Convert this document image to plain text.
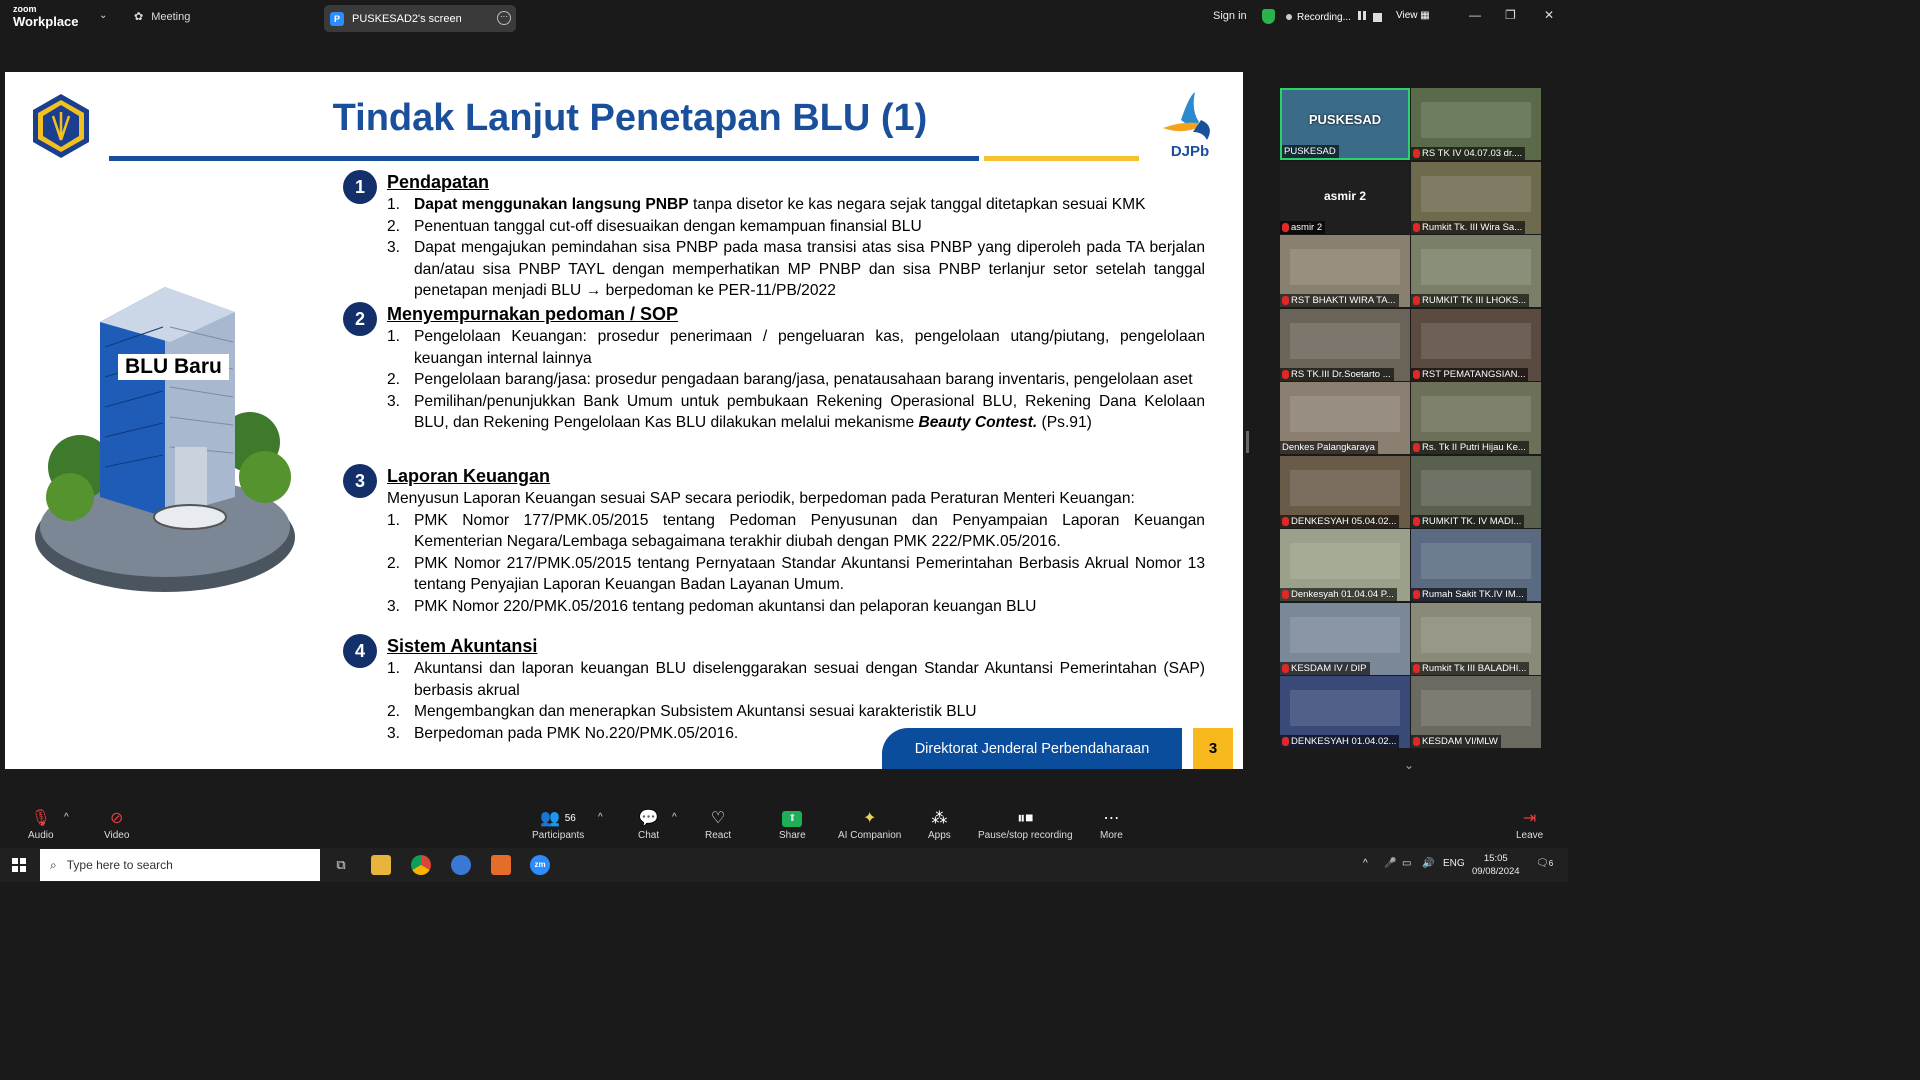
zoom
Workplace ⌄ ✿ Meeting	P	PUSKESAD2's screen	···	Sign in	Recording...	View ▦	— ❐ ✕
Tindak Lanjut Penetapan BLU (1)
DJPb
BLU Baru
1	Pendapatan
1. Dapat menggunakan langsung PNBP tanpa disetor ke kas negara sejak tanggal ditetapkan sesuai KMK
2. Penentuan tanggal cut-off disesuaikan dengan kemampuan finansial BLU
3. Dapat mengajukan pemindahan sisa PNBP pada masa transisi atas sisa PNBP yang diperoleh pada TA berjalan dan/atau sisa PNBP TAYL dengan memperhatikan MP PNBP dan sisa PNBP terlanjur setor setelah tanggal penetapan menjadi BLU → berpedoman ke PER-11/PB/2022
2	Menyempurnakan pedoman / SOP
1. Pengelolaan Keuangan: prosedur penerimaan / pengeluaran kas, pengelolaan utang/piutang, pengelolaan keuangan internal lainnya
2. Pengelolaan barang/jasa: prosedur pengadaan barang/jasa, penatausahaan barang inventaris, pengelolaan aset
3. Pemilihan/penunjukkan Bank Umum untuk pembukaan Rekening Operasional BLU, Rekening Dana Kelolaan BLU, dan Rekening Pengelolaan Kas BLU dilakukan melalui mekanisme Beauty Contest. (Ps.91)
3	Laporan Keuangan
Menyusun Laporan Keuangan sesuai SAP secara periodik, berpedoman pada Peraturan Menteri Keuangan:
1. PMK Nomor 177/PMK.05/2015 tentang Pedoman Penyusunan dan Penyampaian Laporan Keuangan Kementerian Negara/Lembaga sebagaimana terakhir diubah dengan PMK 222/PMK.05/2016.
2. PMK Nomor 217/PMK.05/2015 tentang Pernyataan Standar Akuntansi Pemerintahan Berbasis Akrual Nomor 13 tentang Penyajian Laporan Keuangan Badan Layanan Umum.
3. PMK Nomor 220/PMK.05/2016 tentang pedoman akuntansi dan pelaporan keuangan BLU
4	Sistem Akuntansi
1. Akuntansi dan laporan keuangan BLU diselenggarakan sesuai dengan Standar Akuntansi Pemerintahan (SAP) berbasis akrual
2. Mengembangkan dan menerapkan Subsistem Akuntansi sesuai karakteristik BLU
3. Berpedoman pada PMK No.220/PMK.05/2016.
Direktorat Jenderal Perbendaharaan	3
PUSKESAD
PUSKESAD	RS TK IV 04.07.03 dr....
asmir 2
asmir 2	Rumkit Tk. III Wira Sa...
RST BHAKTI WIRA TA...	RUMKIT TK III LHOKS...
RS TK.III Dr.Soetarto ...	RST PEMATANGSIAN...
Denkes Palangkaraya	Rs. Tk II Putri Hijau Ke...
DENKESYAH 05.04.02...	RUMKIT TK. IV MADI...
Denkesyah 01.04.04 P...	Rumah Sakit TK.IV IM...
KESDAM IV / DIP	Rumkit Tk III BALADHI...
DENKESYAH 01.04.02...	KESDAM VI/MLW
⌄
🎙
Audio
^	⊘
Video
👥 $^{56}$
Participants
^ 💬
Chat
^ ♡
React
⬆
Share
✦
AI Companion
⁂
Apps
⏸⏹
Pause/stop recording
⋯
More
⇥
Leave
⌕ Type here to search	⧉	zm	^ 🎤 ▭ 🔊 ENG	15:05
09/08/2024
🗨6
